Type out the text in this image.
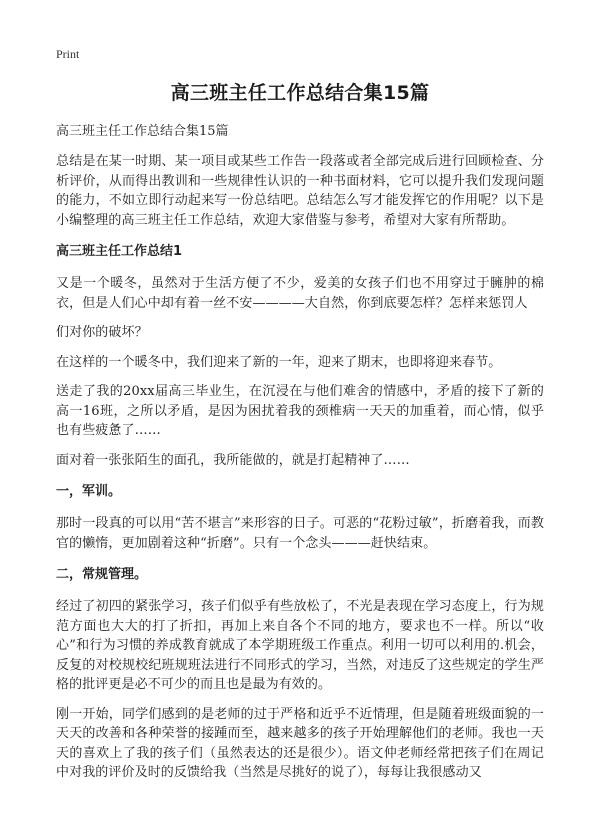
Print
高三班主任工作总结合集15篇
高三班主任工作总结合集15篇

总结是在某一时期、某一项目或某些工作告一段落或者全部完成后进行回顾检查、分析评价，从而得出教训和一些规律性认识的一种书面材料，它可以提升我们发现问题的能力，不如立即行动起来写一份总结吧。总结怎么写才能发挥它的作用呢？以下是小编整理的高三班主任工作总结，欢迎大家借鉴与参考，希望对大家有所帮助。

高三班主任工作总结1

又是一个暖冬，虽然对于生活方便了不少，爱美的女孩子们也不用穿过于臃肿的棉衣，但是人们心中却有着一丝不安————大自然，你到底要怎样？怎样来惩罚人

们对你的破坏？

在这样的一个暖冬中，我们迎来了新的一年，迎来了期末，也即将迎来春节。

送走了我的20xx届高三毕业生，在沉浸在与他们难舍的情感中，矛盾的接下了新的高一16班，之所以矛盾，是因为困扰着我的颈椎病一天天的加重着，而心情，似乎也有些疲惫了……

面对着一张张陌生的面孔，我所能做的，就是打起精神了……

一，军训。

那时一段真的可以用“苦不堪言”来形容的日子。可恶的“花粉过敏”，折磨着我，而教官的懒惰，更加剧着这种“折磨”。只有一个念头———赶快结束。

二，常规管理。

经过了初四的紧张学习，孩子们似乎有些放松了，不光是表现在学习态度上，行为规范方面也大大的打了折扣，再加上来自各个不同的地方，要求也不一样。所以“收心”和行为习惯的养成教育就成了本学期班级工作重点。利用一切可以利用的.机会，反复的对校规校纪班规班法进行不同形式的学习，当然，对违反了这些规定的学生严格的批评更是必不可少的而且也是最为有效的。

刚一开始，同学们感到的是老师的过于严格和近乎不近情理，但是随着班级面貌的一天天的改善和各种荣誉的接踵而至，越来越多的孩子开始理解他们的老师。我也一天天的喜欢上了我的孩子们（虽然表达的还是很少）。语文仲老师经常把孩子们在周记中对我的评价及时的反馈给我（当然是尽挑好的说了），每每让我很感动又
